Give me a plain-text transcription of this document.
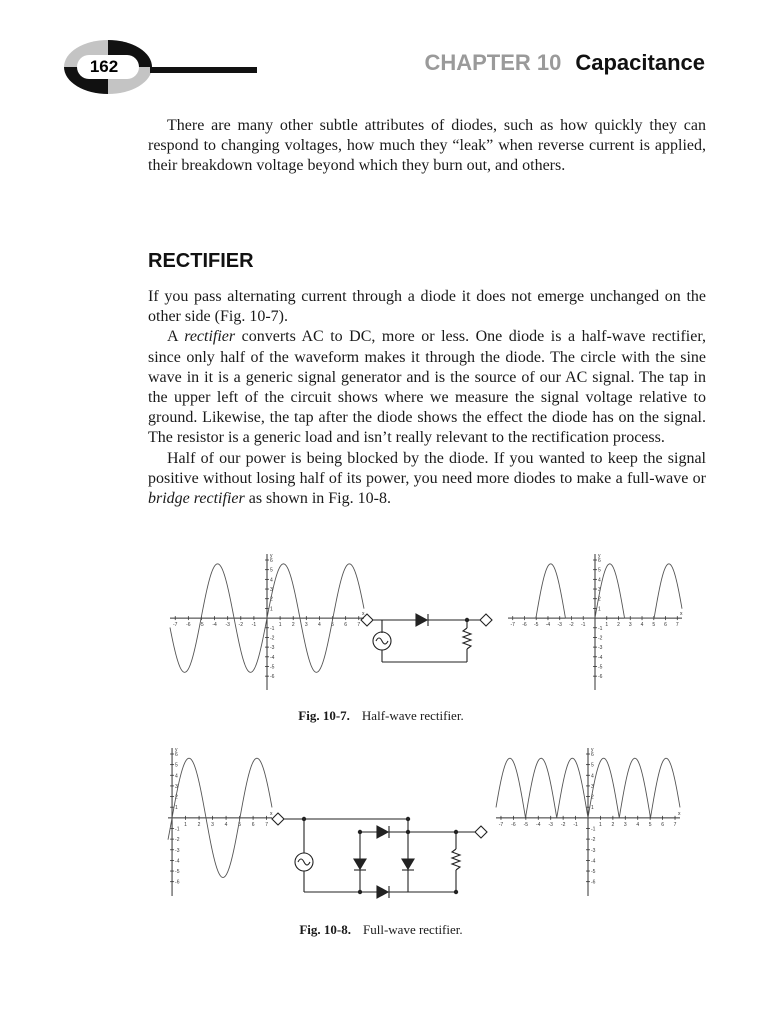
162	CHAPTER 10 Capacitance

There are many other subtle attributes of diodes, such as how quickly they can respond to changing voltages, how much they “leak” when reverse current is applied, their breakdown voltage beyond which they burn out, and others.

RECTIFIER

If you pass alternating current through a diode it does not emerge unchanged on the other side (Fig. 10-7).

A rectifier converts AC to DC, more or less. One diode is a half-wave rectifier, since only half of the waveform makes it through the diode. The circle with the sine wave in it is a generic signal generator and is the source of our AC signal. The tap in the upper left of the circuit shows where we measure the signal voltage relative to ground. Likewise, the tap after the diode shows the effect the diode has on the signal. The resistor is a generic load and isn’t really relevant to the rectification process.

Half of our power is being blocked by the diode. If you wanted to keep the signal positive without losing half of its power, you need more diodes to make a full-wave or bridge rectifier as shown in Fig. 10-8.

-7 -6 -5 -4 -3 -2 -1	1 2 3 4 5 6 7
6
5
4
3
2
1
-1
-2
-3
-4
-5
-6
x
y
-7 -6 -5 -4 -3 -2 -1	1 2 3 4 5 6 7
6
5
4
3
2
1
-1
-2
-3
-4
-5
-6
x
y
Fig. 10-7. Half-wave rectifier.
1 2 3 4 5 6 7
6
5
4
3
2
1
-1
-2
-3
-4
-5
-6
x
y
-7 -6 -5 -4 -3 -2 -1	1 2 3 4 5 6 7
6
5
4
3
2
1
-1
-2
-3
-4
-5
-6
x
y
Fig. 10-8. Full-wave rectifier.
